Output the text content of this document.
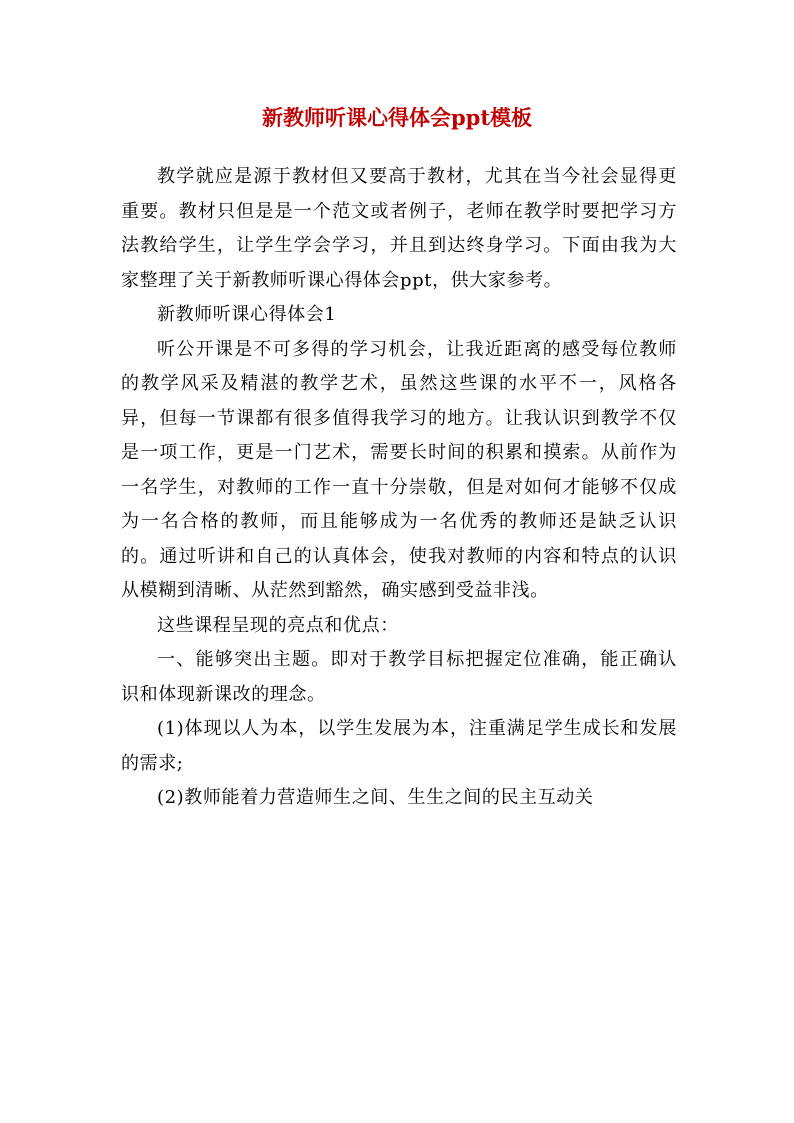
新教师听课心得体会ppt模板

教学就应是源于教材但又要高于教材，尤其在当今社会显得更重要。教材只但是是一个范文或者例子，老师在教学时要把学习方法教给学生，让学生学会学习，并且到达终身学习。下面由我为大家整理了关于新教师听课心得体会ppt，供大家参考。

新教师听课心得体会1

听公开课是不可多得的学习机会，让我近距离的感受每位教师的教学风采及精湛的教学艺术，虽然这些课的水平不一，风格各异，但每一节课都有很多值得我学习的地方。让我认识到教学不仅是一项工作，更是一门艺术，需要长时间的积累和摸索。从前作为一名学生，对教师的工作一直十分崇敬，但是对如何才能够不仅成为一名合格的教师，而且能够成为一名优秀的教师还是缺乏认识的。通过听讲和自己的认真体会，使我对教师的内容和特点的认识从模糊到清晰、从茫然到豁然，确实感到受益非浅。

这些课程呈现的亮点和优点：

一、能够突出主题。即对于教学目标把握定位准确，能正确认识和体现新课改的理念。

(1)体现以人为本，以学生发展为本，注重满足学生成长和发展的需求;

(2)教师能着力营造师生之间、生生之间的民主互动关
